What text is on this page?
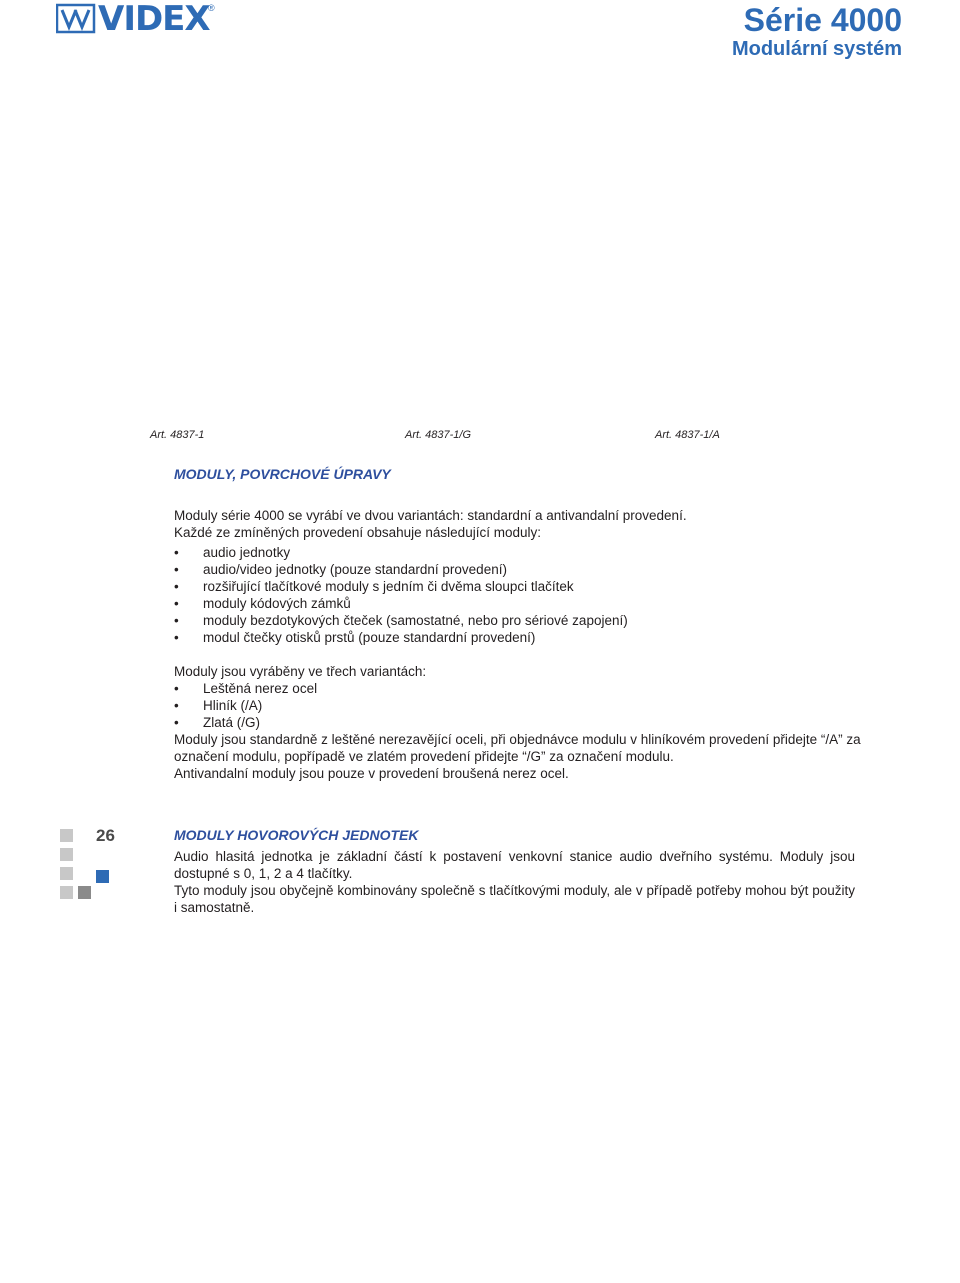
VIDEX
®	Série 4000
Modulární systém
Art. 4837-1	Art. 4837-1/G	Art. 4837-1/A
MODULY, POVRCHOVÉ ÚPRAVY

Moduly série 4000 se vyrábí ve dvou variantách: standardní a antivandalní provedení.

Každé ze zmíněných provedení obsahuje následující moduly:

• audio jednotky
• audio/video jednotky (pouze standardní provedení)
• rozšiřující tlačítkové moduly s jedním či dvěma sloupci tlačítek
• moduly kódových zámků
• moduly bezdotykových čteček (samostatné, nebo pro sériové zapojení)
• modul čtečky otisků prstů (pouze standardní provedení)

Moduly jsou vyráběny ve třech variantách:

• Leštěná nerez ocel
• Hliník (/A)
• Zlatá (/G)

Moduly jsou standardně z leštěné nerezavějící oceli, při objednávce modulu v hliníkovém provedení přidejte “/A” za označení modulu, popřípadě ve zlatém provedení přidejte “/G” za označení modulu.

Antivandalní moduly jsou pouze v provedení broušená nerez ocel.

26	MODULY HOVOROVÝCH JEDNOTEK

Audio hlasitá jednotka je základní částí k postavení venkovní stanice audio dveřního systému. Moduly jsou dostupné s 0, 1, 2 a 4 tlačítky.

Tyto moduly jsou obyčejně kombinovány společně s tlačítkovými moduly, ale v případě potřeby mohou být použity i samostatně.
